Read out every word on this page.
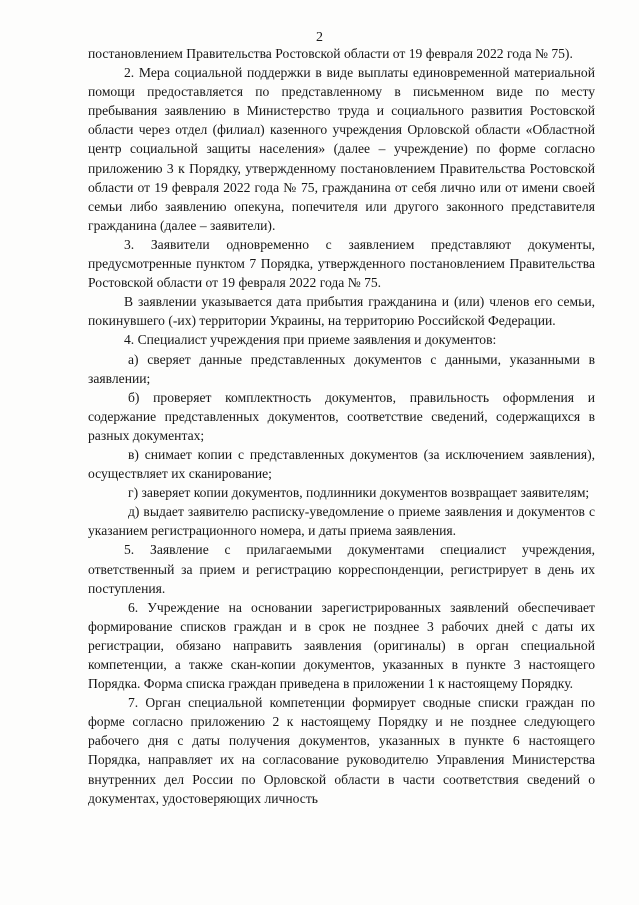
2

постановлением Правительства Ростовской области от 19 февраля 2022 года № 75).

2. Мера социальной поддержки в виде выплаты единовременной материальной помощи предоставляется по представленному в письменном виде по месту пребывания заявлению в Министерство труда и социального развития Ростовской области через отдел (филиал) казенного учреждения Орловской области «Областной центр социальной защиты населения» (далее – учреждение) по форме согласно приложению 3 к Порядку, утвержденному постановлением Правительства Ростовской области от 19 февраля 2022 года № 75, гражданина от себя лично или от имени своей семьи либо заявлению опекуна, попечителя или другого законного представителя гражданина (далее – заявители).

3. Заявители одновременно с заявлением представляют документы, предусмотренные пунктом 7 Порядка, утвержденного постановлением Правительства Ростовской области от 19 февраля 2022 года № 75.

В заявлении указывается дата прибытия гражданина и (или) членов его семьи, покинувшего (-их) территории Украины, на территорию Российской Федерации.

4. Специалист учреждения при приеме заявления и документов:

а) сверяет данные представленных документов с данными, указанными в заявлении;

б) проверяет комплектность документов, правильность оформления и содержание представленных документов, соответствие сведений, содержащихся в разных документах;

в) снимает копии с представленных документов (за исключением заявления), осуществляет их сканирование;

г) заверяет копии документов, подлинники документов возвращает заявителям;

д) выдает заявителю расписку-уведомление о приеме заявления и документов с указанием регистрационного номера, и даты приема заявления.

5. Заявление с прилагаемыми документами специалист учреждения, ответственный за прием и регистрацию корреспонденции, регистрирует в день их поступления.

6. Учреждение на основании зарегистрированных заявлений обеспечивает формирование списков граждан и в срок не позднее 3 рабочих дней с даты их регистрации, обязано направить заявления (оригиналы) в орган специальной компетенции, а также скан-копии документов, указанных в пункте 3 настоящего Порядка. Форма списка граждан приведена в приложении 1 к настоящему Порядку.

7. Орган специальной компетенции формирует сводные списки граждан по форме согласно приложению 2 к настоящему Порядку и не позднее следующего рабочего дня с даты получения документов, указанных в пункте 6 настоящего Порядка, направляет их на согласование руководителю Управления Министерства внутренних дел России по Орловской области в части соответствия сведений о документах, удостоверяющих личность
